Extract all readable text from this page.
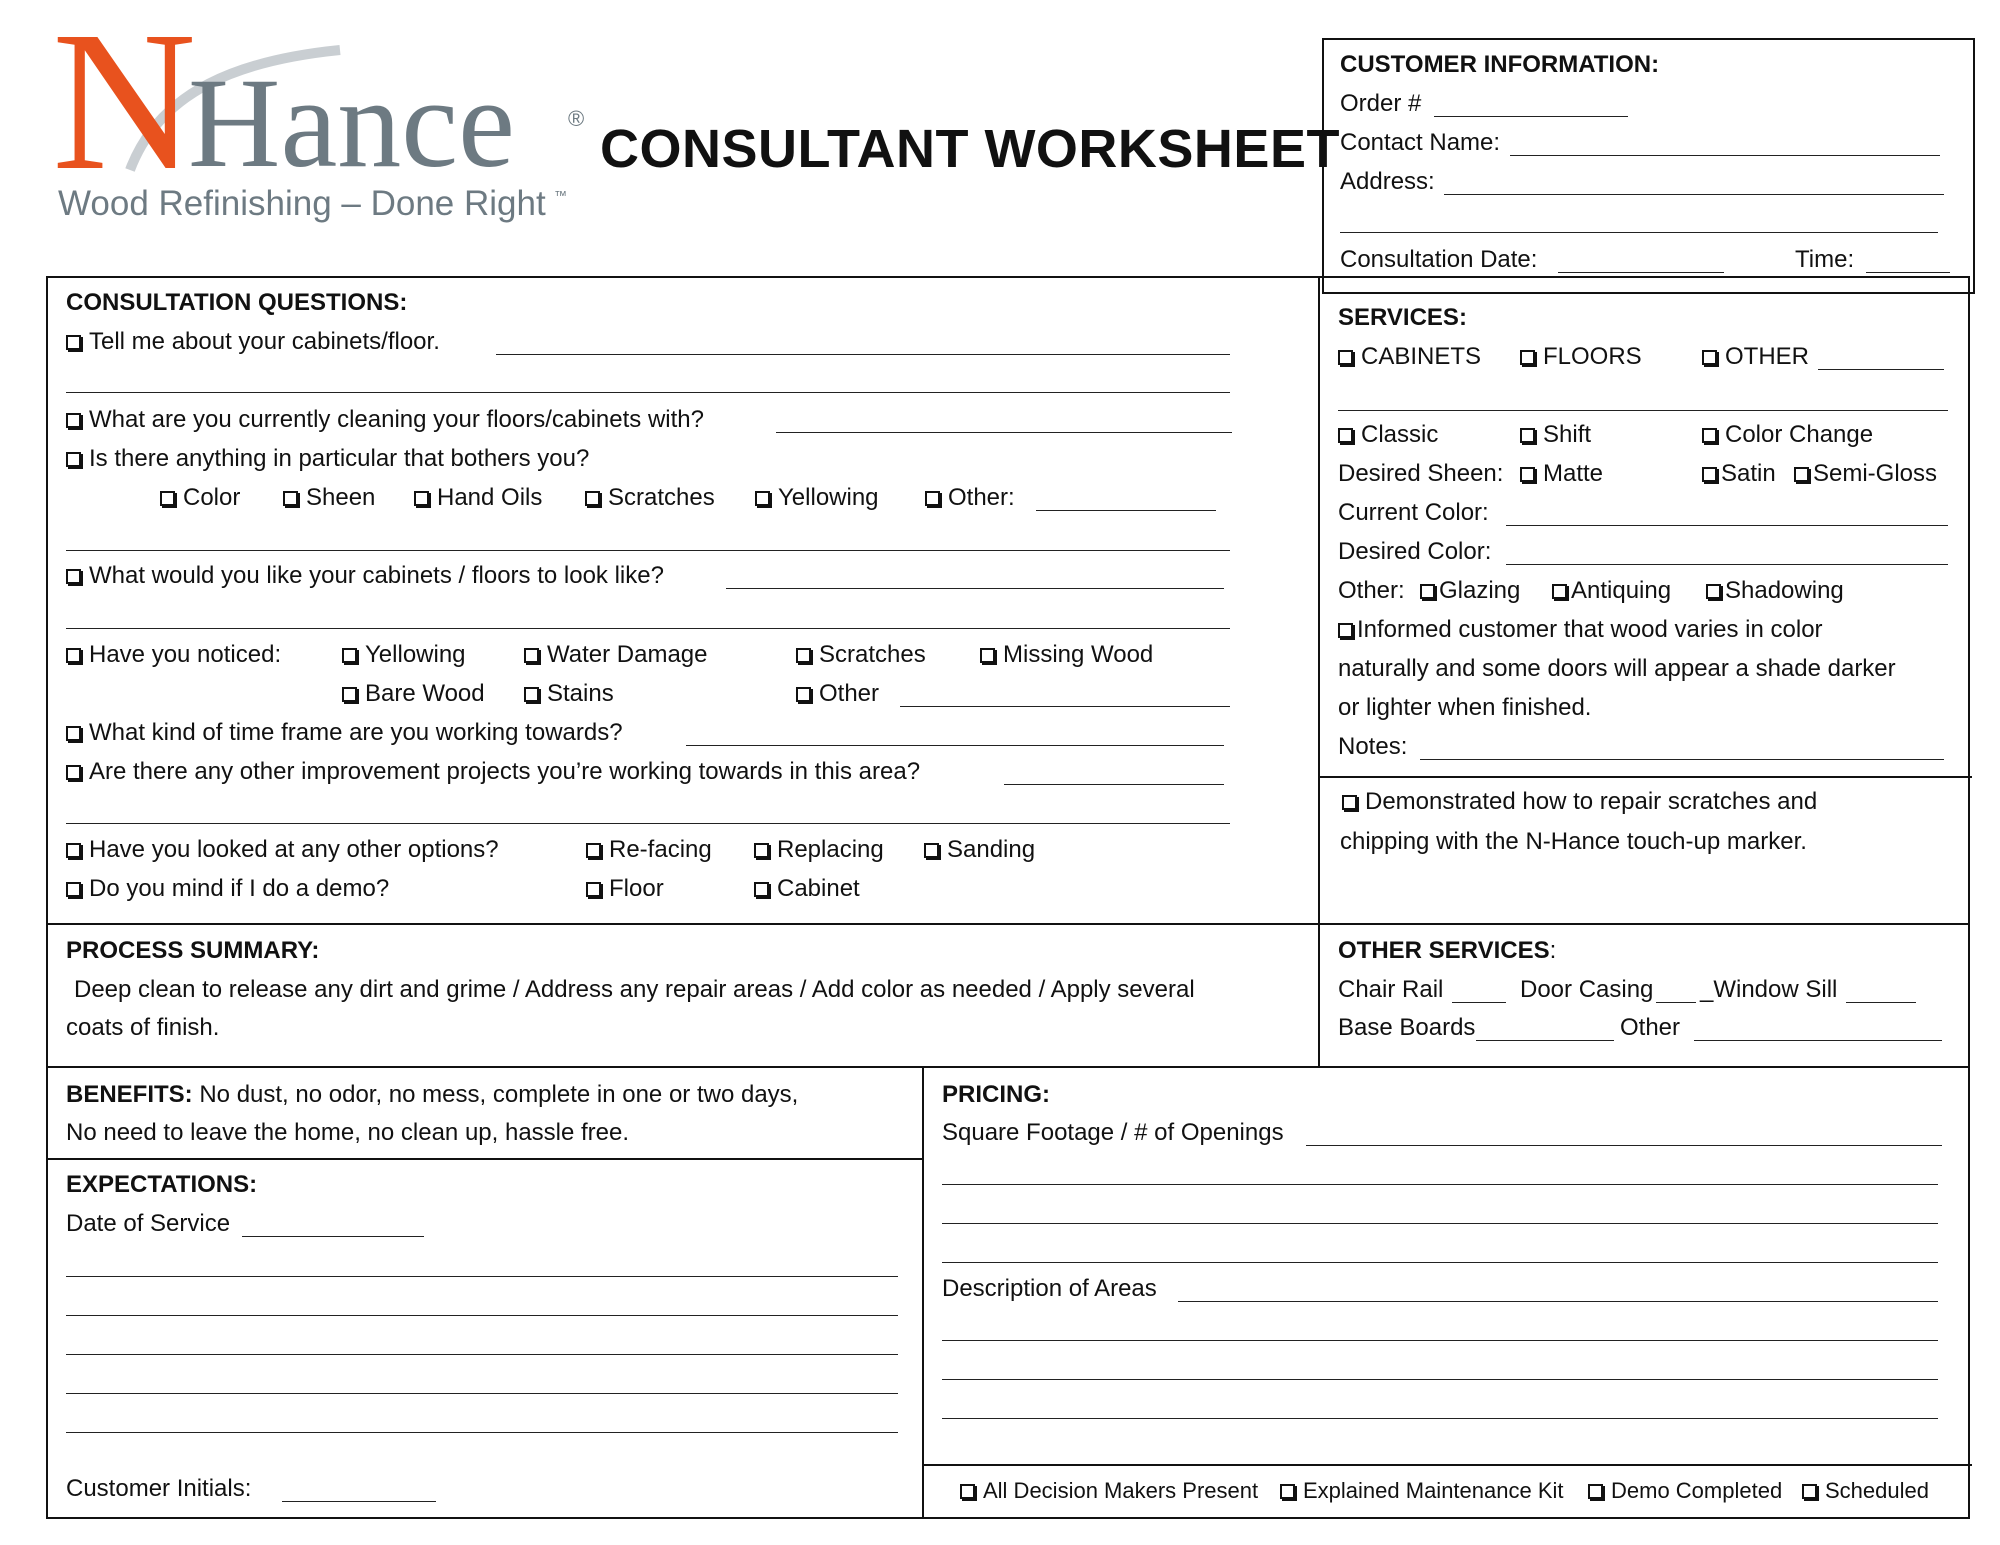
N
Hance ®
Wood Refinishing – Done Right ™
CONSULTANT WORKSHEET
CUSTOMER INFORMATION:
Order #
Contact Name:
Address:
Consultation Date:	Time:
CONSULTATION QUESTIONS:
Tell me about your cabinets/floor.
What are you currently cleaning your floors/cabinets with?
Is there anything in particular that bothers you?
Color	Sheen	Hand Oils	Scratches	Yellowing	Other:
What would you like your cabinets / floors to look like?
Have you noticed:	Yellowing	Water Damage	Scratches	Missing Wood
Bare Wood	Stains	Other
What kind of time frame are you working towards?
Are there any other improvement projects you’re working towards in this area?
Have you looked at any other options?	Re-facing	Replacing	Sanding
Do you mind if I do a demo?	Floor	Cabinet
SERVICES:
CABINETS	FLOORS	OTHER
Classic	Shift	Color Change
Desired Sheen:	Matte	Satin	Semi-Gloss
Current Color:
Desired Color:
Other:	Glazing	Antiquing	Shadowing
Informed customer that wood varies in color
naturally and some doors will appear a shade darker
or lighter when finished.
Notes:
Demonstrated how to repair scratches and
chipping with the N-Hance touch-up marker.
PROCESS SUMMARY:
Deep clean to release any dirt and grime / Address any repair areas / Add color as needed / Apply several
coats of finish.
OTHER SERVICES:
Chair Rail	Door Casing _Window Sill
Base Boards	Other
BENEFITS: No dust, no odor, no mess, complete in one or two days,
No need to leave the home, no clean up, hassle free.
EXPECTATIONS:
Date of Service
Customer Initials:
PRICING:
Square Footage / # of Openings
Description of Areas
All Decision Makers Present	Explained Maintenance Kit	Demo Completed	Scheduled
